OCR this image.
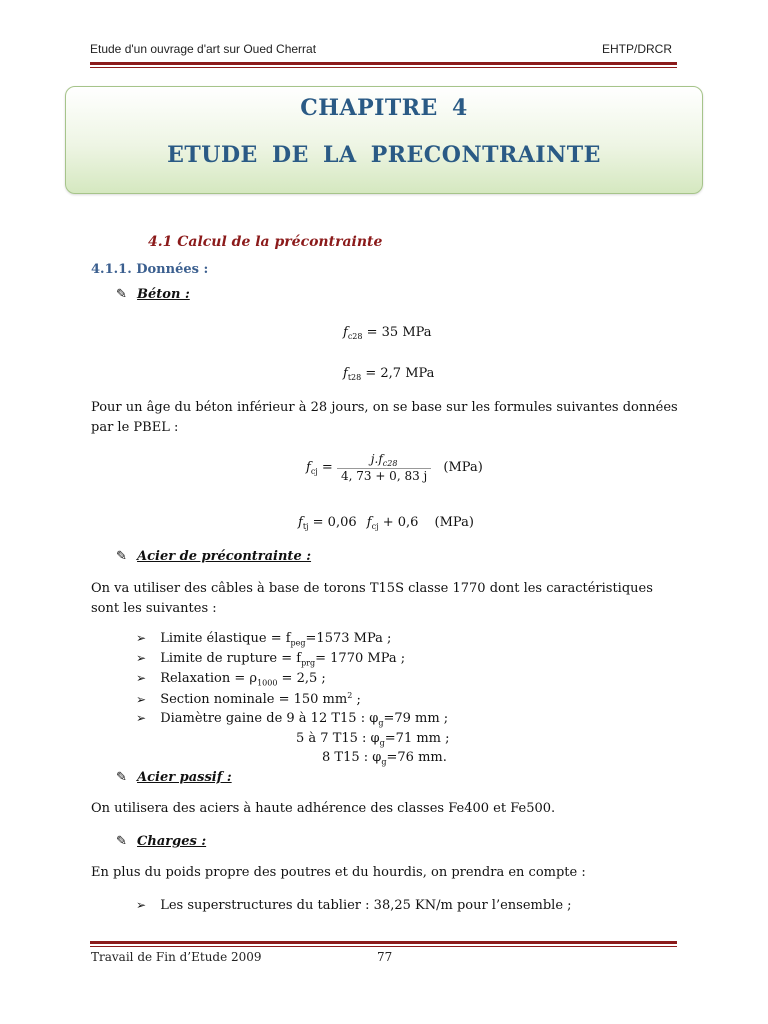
Etude d'un ouvrage d'art sur Oued Cherrat	EHTP/DRCR
CHAPITRE 4
ETUDE DE LA PRECONTRAINTE
4.1 Calcul de la précontrainte
4.1.1. Données :
✎ Béton :
$f_{c28} = 35$ MPa
$f_{t28} = 2,7$ MPa
Pour un âge du béton inférieur à 28 jours, on se base sur les formules suivantes données par le PBEL :
$f_{cj} = \frac{j.f_{c28}}{4, 73 + 0, 83 j} (MPa)$
$f_{tj} = 0,06$ $f_{cj} + 0,6$ (MPa)
✎ Acier de précontrainte :
On va utiliser des câbles à base de torons T15S classe 1770 dont les caractéristiques sont les suivantes :
➢ Limite élastique = $f_{peg}=1573$ MPa ;
➢ Limite de rupture = $f_{prg}= 1770$ MPa ;
➢ Relaxation = $\rho_{1000} = 2,5$ ;
➢ Section nominale = 150 $mm^2$ ;
➢ Diamètre gaine de 9 à 12 T15 : $\varphi_g=79$ mm ;
5 à 7 T15 : $\varphi_g=71$ mm ;
8 T15 : $\varphi_g=76$ mm.
✎ Acier passif :
On utilisera des aciers à haute adhérence des classes Fe400 et Fe500.
✎ Charges :
En plus du poids propre des poutres et du hourdis, on prendra en compte :
➢ Les superstructures du tablier : 38,25 KN/m pour l’ensemble ;
Travail de Fin d’Etude 2009	77
